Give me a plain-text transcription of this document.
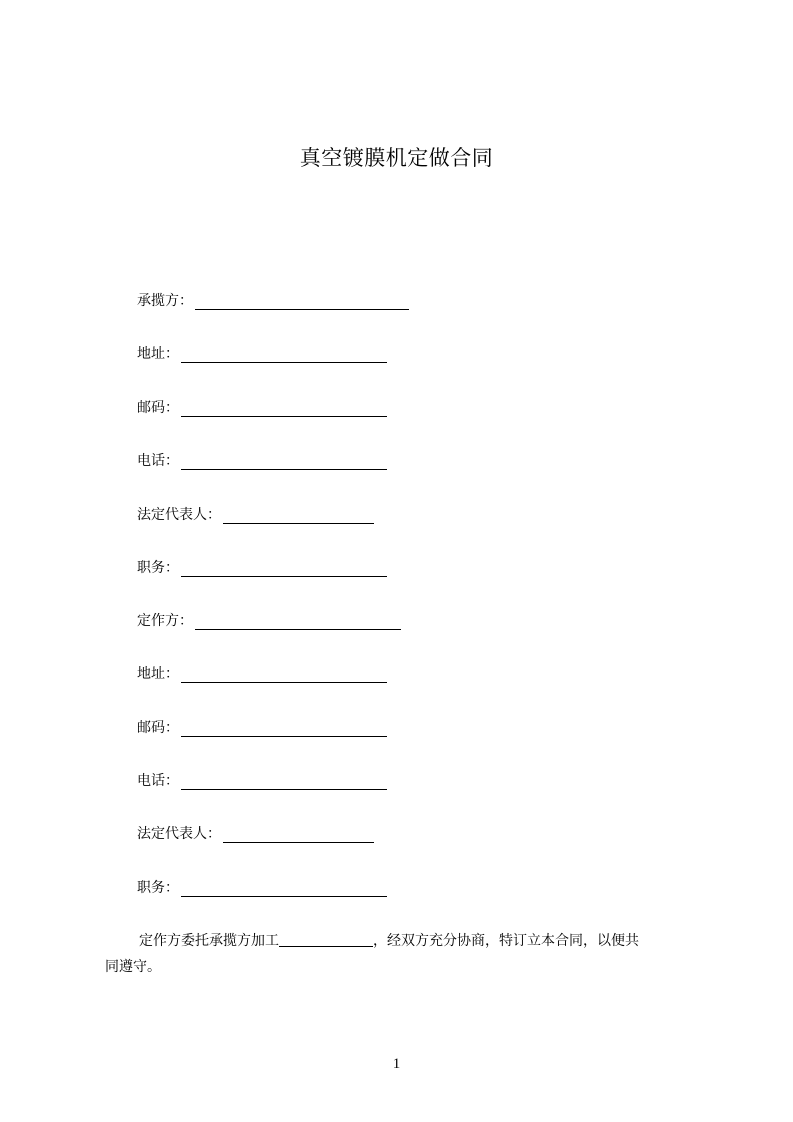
真空镀膜机定做合同
承揽方：
地址：
邮码：
电话：
法定代表人：
职务：
定作方：
地址：
邮码：
电话：
法定代表人：
职务：
定作方委托承揽方加工	，经双方充分协商，特订立本合同，以便共
同遵守。
1
